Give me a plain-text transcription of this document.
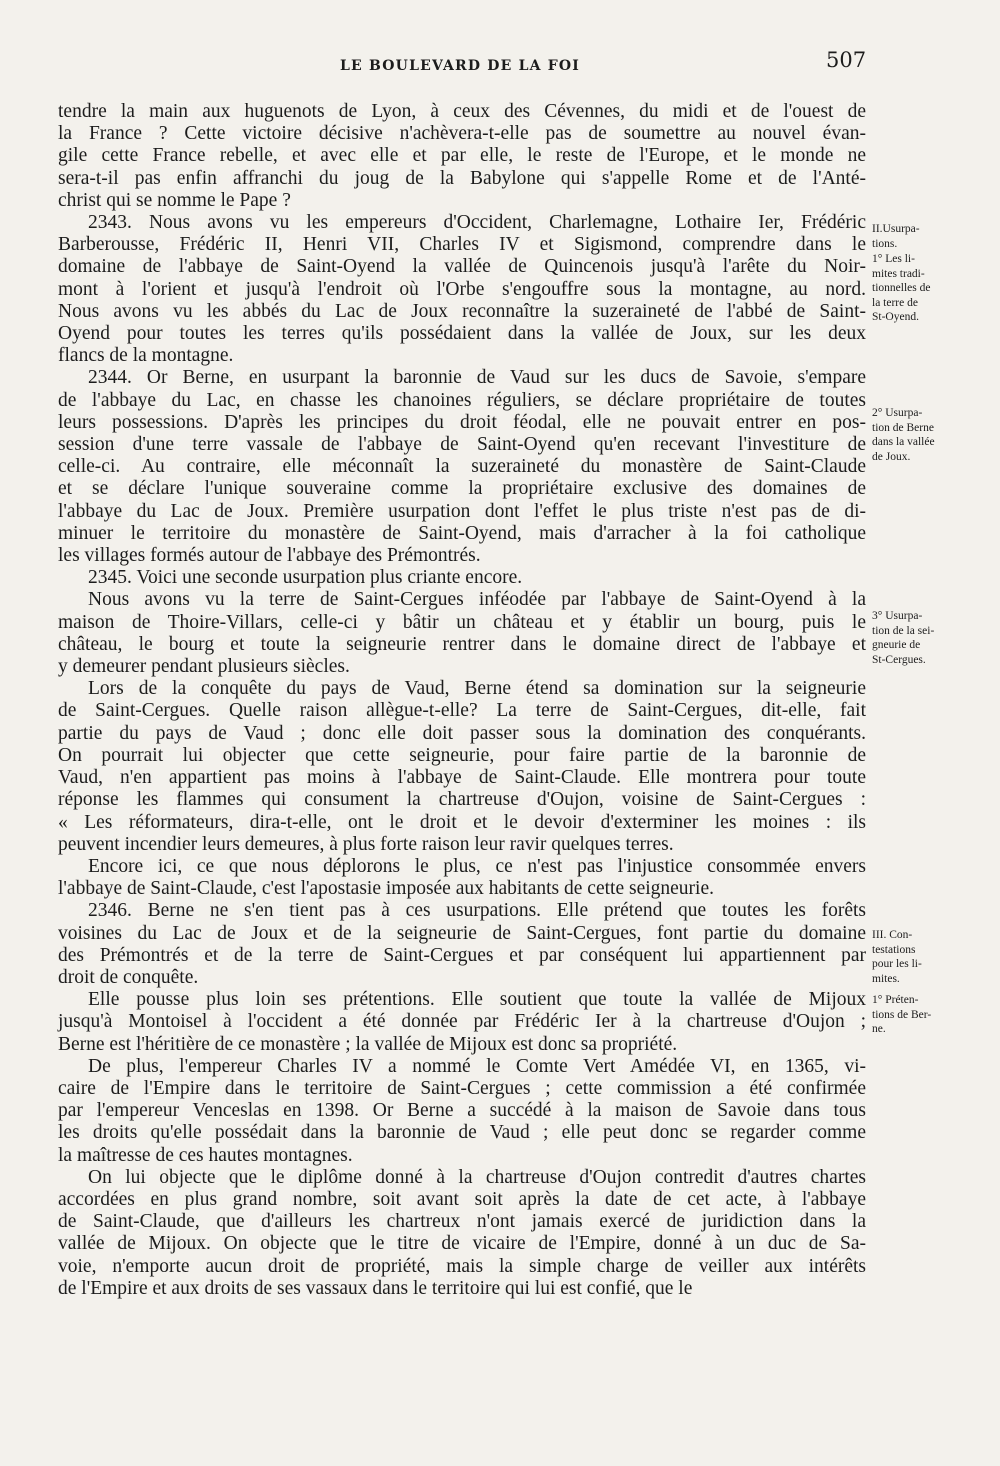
LE BOULEVARD DE LA FOI	507
tendre la main aux huguenots de Lyon, à ceux des Cévennes, du midi et de l'ouest de
la France ? Cette victoire décisive n'achèvera-t-elle pas de soumettre au nouvel évan-
gile cette France rebelle, et avec elle et par elle, le reste de l'Europe, et le monde ne
sera-t-il pas enfin affranchi du joug de la Babylone qui s'appelle Rome et de l'Anté-
christ qui se nomme le Pape ?
2343. Nous avons vu les empereurs d'Occident, Charlemagne, Lothaire Ier, Frédéric
Barberousse, Frédéric II, Henri VII, Charles IV et Sigismond, comprendre dans le
domaine de l'abbaye de Saint-Oyend la vallée de Quincenois jusqu'à l'arête du Noir-
mont à l'orient et jusqu'à l'endroit où l'Orbe s'engouffre sous la montagne, au nord.
Nous avons vu les abbés du Lac de Joux reconnaître la suzeraineté de l'abbé de Saint-
Oyend pour toutes les terres qu'ils possédaient dans la vallée de Joux, sur les deux
flancs de la montagne.
2344. Or Berne, en usurpant la baronnie de Vaud sur les ducs de Savoie, s'empare
de l'abbaye du Lac, en chasse les chanoines réguliers, se déclare propriétaire de toutes
leurs possessions. D'après les principes du droit féodal, elle ne pouvait entrer en pos-
session d'une terre vassale de l'abbaye de Saint-Oyend qu'en recevant l'investiture de
celle-ci. Au contraire, elle méconnaît la suzeraineté du monastère de Saint-Claude
et se déclare l'unique souveraine comme la propriétaire exclusive des domaines de
l'abbaye du Lac de Joux. Première usurpation dont l'effet le plus triste n'est pas de di-
minuer le territoire du monastère de Saint-Oyend, mais d'arracher à la foi catholique
les villages formés autour de l'abbaye des Prémontrés.
2345. Voici une seconde usurpation plus criante encore.
Nous avons vu la terre de Saint-Cergues inféodée par l'abbaye de Saint-Oyend à la
maison de Thoire-Villars, celle-ci y bâtir un château et y établir un bourg, puis le
château, le bourg et toute la seigneurie rentrer dans le domaine direct de l'abbaye et
y demeurer pendant plusieurs siècles.
Lors de la conquête du pays de Vaud, Berne étend sa domination sur la seigneurie
de Saint-Cergues. Quelle raison allègue-t-elle? La terre de Saint-Cergues, dit-elle, fait
partie du pays de Vaud ; donc elle doit passer sous la domination des conquérants.
On pourrait lui objecter que cette seigneurie, pour faire partie de la baronnie de
Vaud, n'en appartient pas moins à l'abbaye de Saint-Claude. Elle montrera pour toute
réponse les flammes qui consument la chartreuse d'Oujon, voisine de Saint-Cergues :
« Les réformateurs, dira-t-elle, ont le droit et le devoir d'exterminer les moines : ils
peuvent incendier leurs demeures, à plus forte raison leur ravir quelques terres.
Encore ici, ce que nous déplorons le plus, ce n'est pas l'injustice consommée envers
l'abbaye de Saint-Claude, c'est l'apostasie imposée aux habitants de cette seigneurie.
2346. Berne ne s'en tient pas à ces usurpations. Elle prétend que toutes les forêts
voisines du Lac de Joux et de la seigneurie de Saint-Cergues, font partie du domaine
des Prémontrés et de la terre de Saint-Cergues et par conséquent lui appartiennent par
droit de conquête.
Elle pousse plus loin ses prétentions. Elle soutient que toute la vallée de Mijoux
jusqu'à Montoisel à l'occident a été donnée par Frédéric Ier à la chartreuse d'Oujon ;
Berne est l'héritière de ce monastère ; la vallée de Mijoux est donc sa propriété.
De plus, l'empereur Charles IV a nommé le Comte Vert Amédée VI, en 1365, vi-
caire de l'Empire dans le territoire de Saint-Cergues ; cette commission a été confirmée
par l'empereur Venceslas en 1398. Or Berne a succédé à la maison de Savoie dans tous
les droits qu'elle possédait dans la baronnie de Vaud ; elle peut donc se regarder comme
la maîtresse de ces hautes montagnes.
On lui objecte que le diplôme donné à la chartreuse d'Oujon contredit d'autres chartes
accordées en plus grand nombre, soit avant soit après la date de cet acte, à l'abbaye
de Saint-Claude, que d'ailleurs les chartreux n'ont jamais exercé de juridiction dans la
vallée de Mijoux. On objecte que le titre de vicaire de l'Empire, donné à un duc de Sa-
voie, n'emporte aucun droit de propriété, mais la simple charge de veiller aux intérêts
de l'Empire et aux droits de ses vassaux dans le territoire qui lui est confié, que le
II.Usurpa-
tions.
1° Les li-
mites tradi-
tionnelles de
la terre de
St-Oyend.
2° Usurpa-
tion de Berne
dans la vallée
de Joux.
3° Usurpa-
tion de la sei-
gneurie de
St-Cergues.
III. Con-
testations
pour les li-
mites.
1° Préten-
tions de Ber-
ne.
